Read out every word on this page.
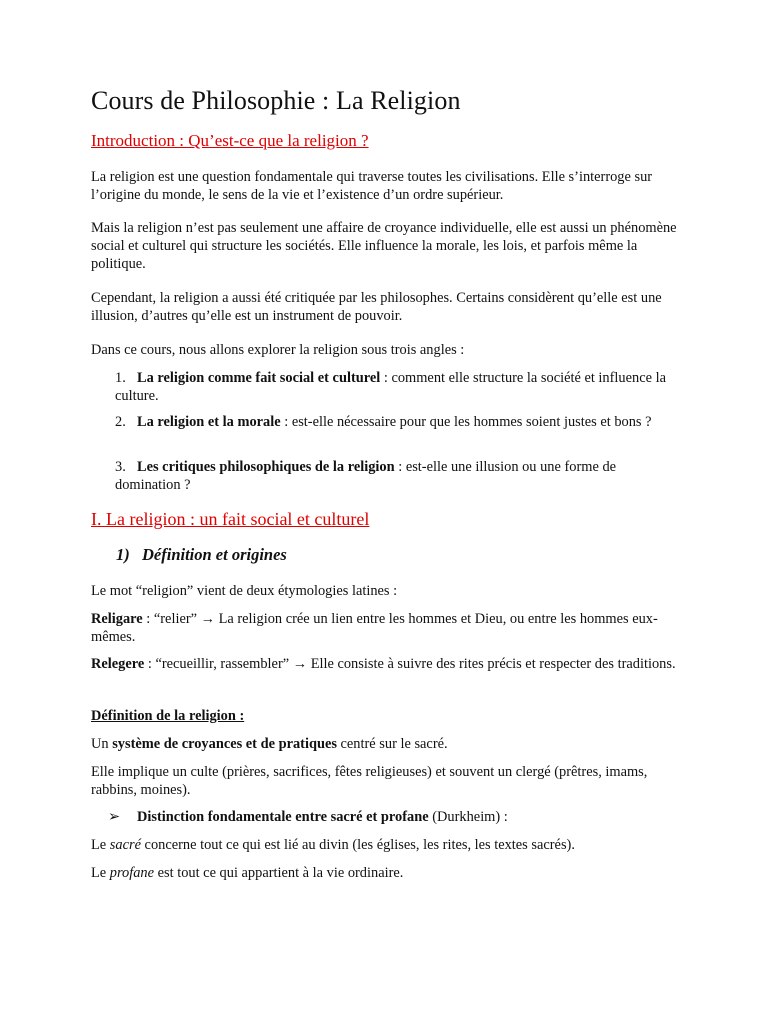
Cours de Philosophie : La Religion
Introduction : Qu’est-ce que la religion ?

La religion est une question fondamentale qui traverse toutes les civilisations. Elle s’interroge sur l’origine du monde, le sens de la vie et l’existence d’un ordre supérieur.

Mais la religion n’est pas seulement une affaire de croyance individuelle, elle est aussi un phénomène social et culturel qui structure les sociétés. Elle influence la morale, les lois, et parfois même la politique.

Cependant, la religion a aussi été critiquée par les philosophes. Certains considèrent qu’elle est une illusion, d’autres qu’elle est un instrument de pouvoir.

Dans ce cours, nous allons explorer la religion sous trois angles :

1. La religion comme fait social et culturel : comment elle structure la société et influence la culture.
2. La religion et la morale : est-elle nécessaire pour que les hommes soient justes et bons ?
3. Les critiques philosophiques de la religion : est-elle une illusion ou une forme de domination ?
I. La religion : un fait social et culturel
1) Définition et origines

Le mot “religion” vient de deux étymologies latines :

Religare : “relier” → La religion crée un lien entre les hommes et Dieu, ou entre les hommes eux-mêmes.

Relegere : “recueillir, rassembler” → Elle consiste à suivre des rites précis et respecter des traditions.

Définition de la religion :

Un système de croyances et de pratiques centré sur le sacré.

Elle implique un culte (prières, sacrifices, fêtes religieuses) et souvent un clergé (prêtres, imams, rabbins, moines).

➢ Distinction fondamentale entre sacré et profane (Durkheim) :

Le sacré concerne tout ce qui est lié au divin (les églises, les rites, les textes sacrés).

Le profane est tout ce qui appartient à la vie ordinaire.
